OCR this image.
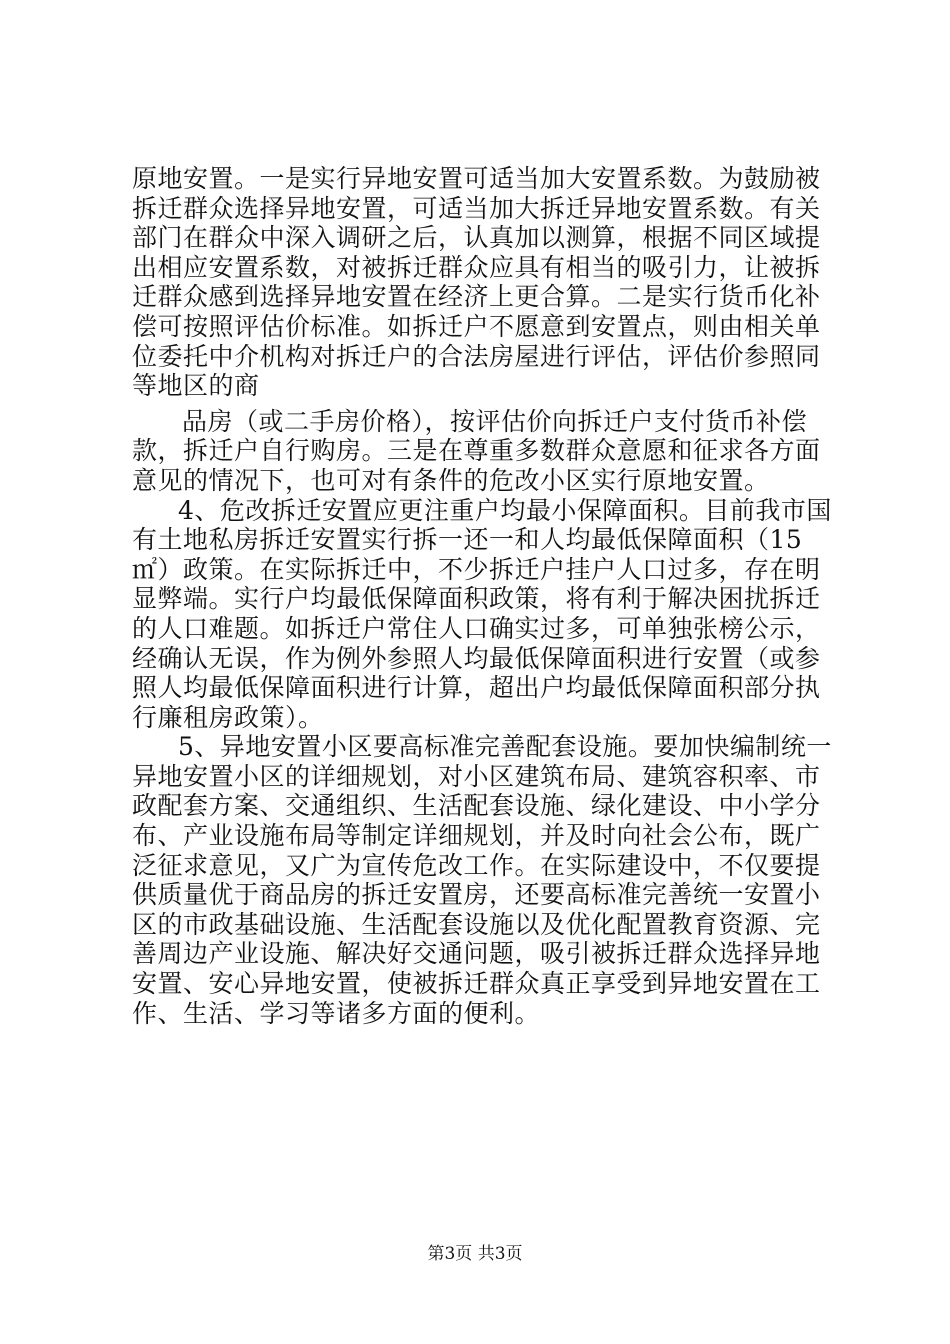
原地安置。一是实行异地安置可适当加大安置系数。为鼓励被
拆迁群众选择异地安置，可适当加大拆迁异地安置系数。有关
部门在群众中深入调研之后，认真加以测算，根据不同区域提
出相应安置系数，对被拆迁群众应具有相当的吸引力，让被拆
迁群众感到选择异地安置在经济上更合算。二是实行货币化补
偿可按照评估价标准。如拆迁户不愿意到安置点，则由相关单
位委托中介机构对拆迁户的合法房屋进行评估，评估价参照同
等地区的商
品房（或二手房价格），按评估价向拆迁户支付货币补偿
款，拆迁户自行购房。三是在尊重多数群众意愿和征求各方面
意见的情况下，也可对有条件的危改小区实行原地安置。
4、危改拆迁安置应更注重户均最小保障面积。目前我市国
有土地私房拆迁安置实行拆一还一和人均最低保障面积（15
㎡）政策。在实际拆迁中，不少拆迁户挂户人口过多，存在明
显弊端。实行户均最低保障面积政策，将有利于解决困扰拆迁
的人口难题。如拆迁户常住人口确实过多，可单独张榜公示，
经确认无误，作为例外参照人均最低保障面积进行安置（或参
照人均最低保障面积进行计算，超出户均最低保障面积部分执
行廉租房政策）。
5、异地安置小区要高标准完善配套设施。要加快编制统一
异地安置小区的详细规划，对小区建筑布局、建筑容积率、市
政配套方案、交通组织、生活配套设施、绿化建设、中小学分
布、产业设施布局等制定详细规划，并及时向社会公布，既广
泛征求意见，又广为宣传危改工作。在实际建设中，不仅要提
供质量优于商品房的拆迁安置房，还要高标准完善统一安置小
区的市政基础设施、生活配套设施以及优化配置教育资源、完
善周边产业设施、解决好交通问题，吸引被拆迁群众选择异地
安置、安心异地安置，使被拆迁群众真正享受到异地安置在工
作、生活、学习等诸多方面的便利。
第3页 共3页
